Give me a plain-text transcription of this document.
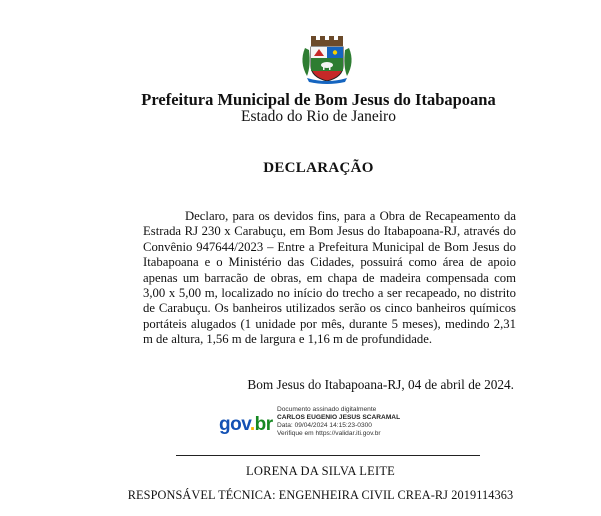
Prefeitura Municipal de Bom Jesus do Itabapoana
Estado do Rio de Janeiro
DECLARAÇÃO

Declaro, para os devidos fins, para a Obra de Recapeamento da Estrada RJ 230 x Carabuçu, em Bom Jesus do Itabapoana-RJ, através do Convênio 947644/2023 – Entre a Prefeitura Municipal de Bom Jesus do Itabapoana e o Ministério das Cidades, possuirá como área de apoio apenas um barracão de obras, em chapa de madeira compensada com 3,00 x 5,00 m, localizado no início do trecho a ser recapeado, no distrito de Carabuçu. Os banheiros utilizados serão os cinco banheiros químicos portáteis alugados (1 unidade por mês, durante 5 meses), medindo 2,31 m de altura, 1,56 m de largura e 1,16 m de profundidade.

Bom Jesus do Itabapoana-RJ, 04 de abril de 2024.
gov.br
Documento assinado digitalmente
CARLOS EUGENIO JESUS SCARAMAL
Data: 09/04/2024 14:15:23-0300
Verifique em https://validar.iti.gov.br
LORENA DA SILVA LEITE
RESPONSÁVEL TÉCNICA: ENGENHEIRA CIVIL CREA-RJ 2019114363
